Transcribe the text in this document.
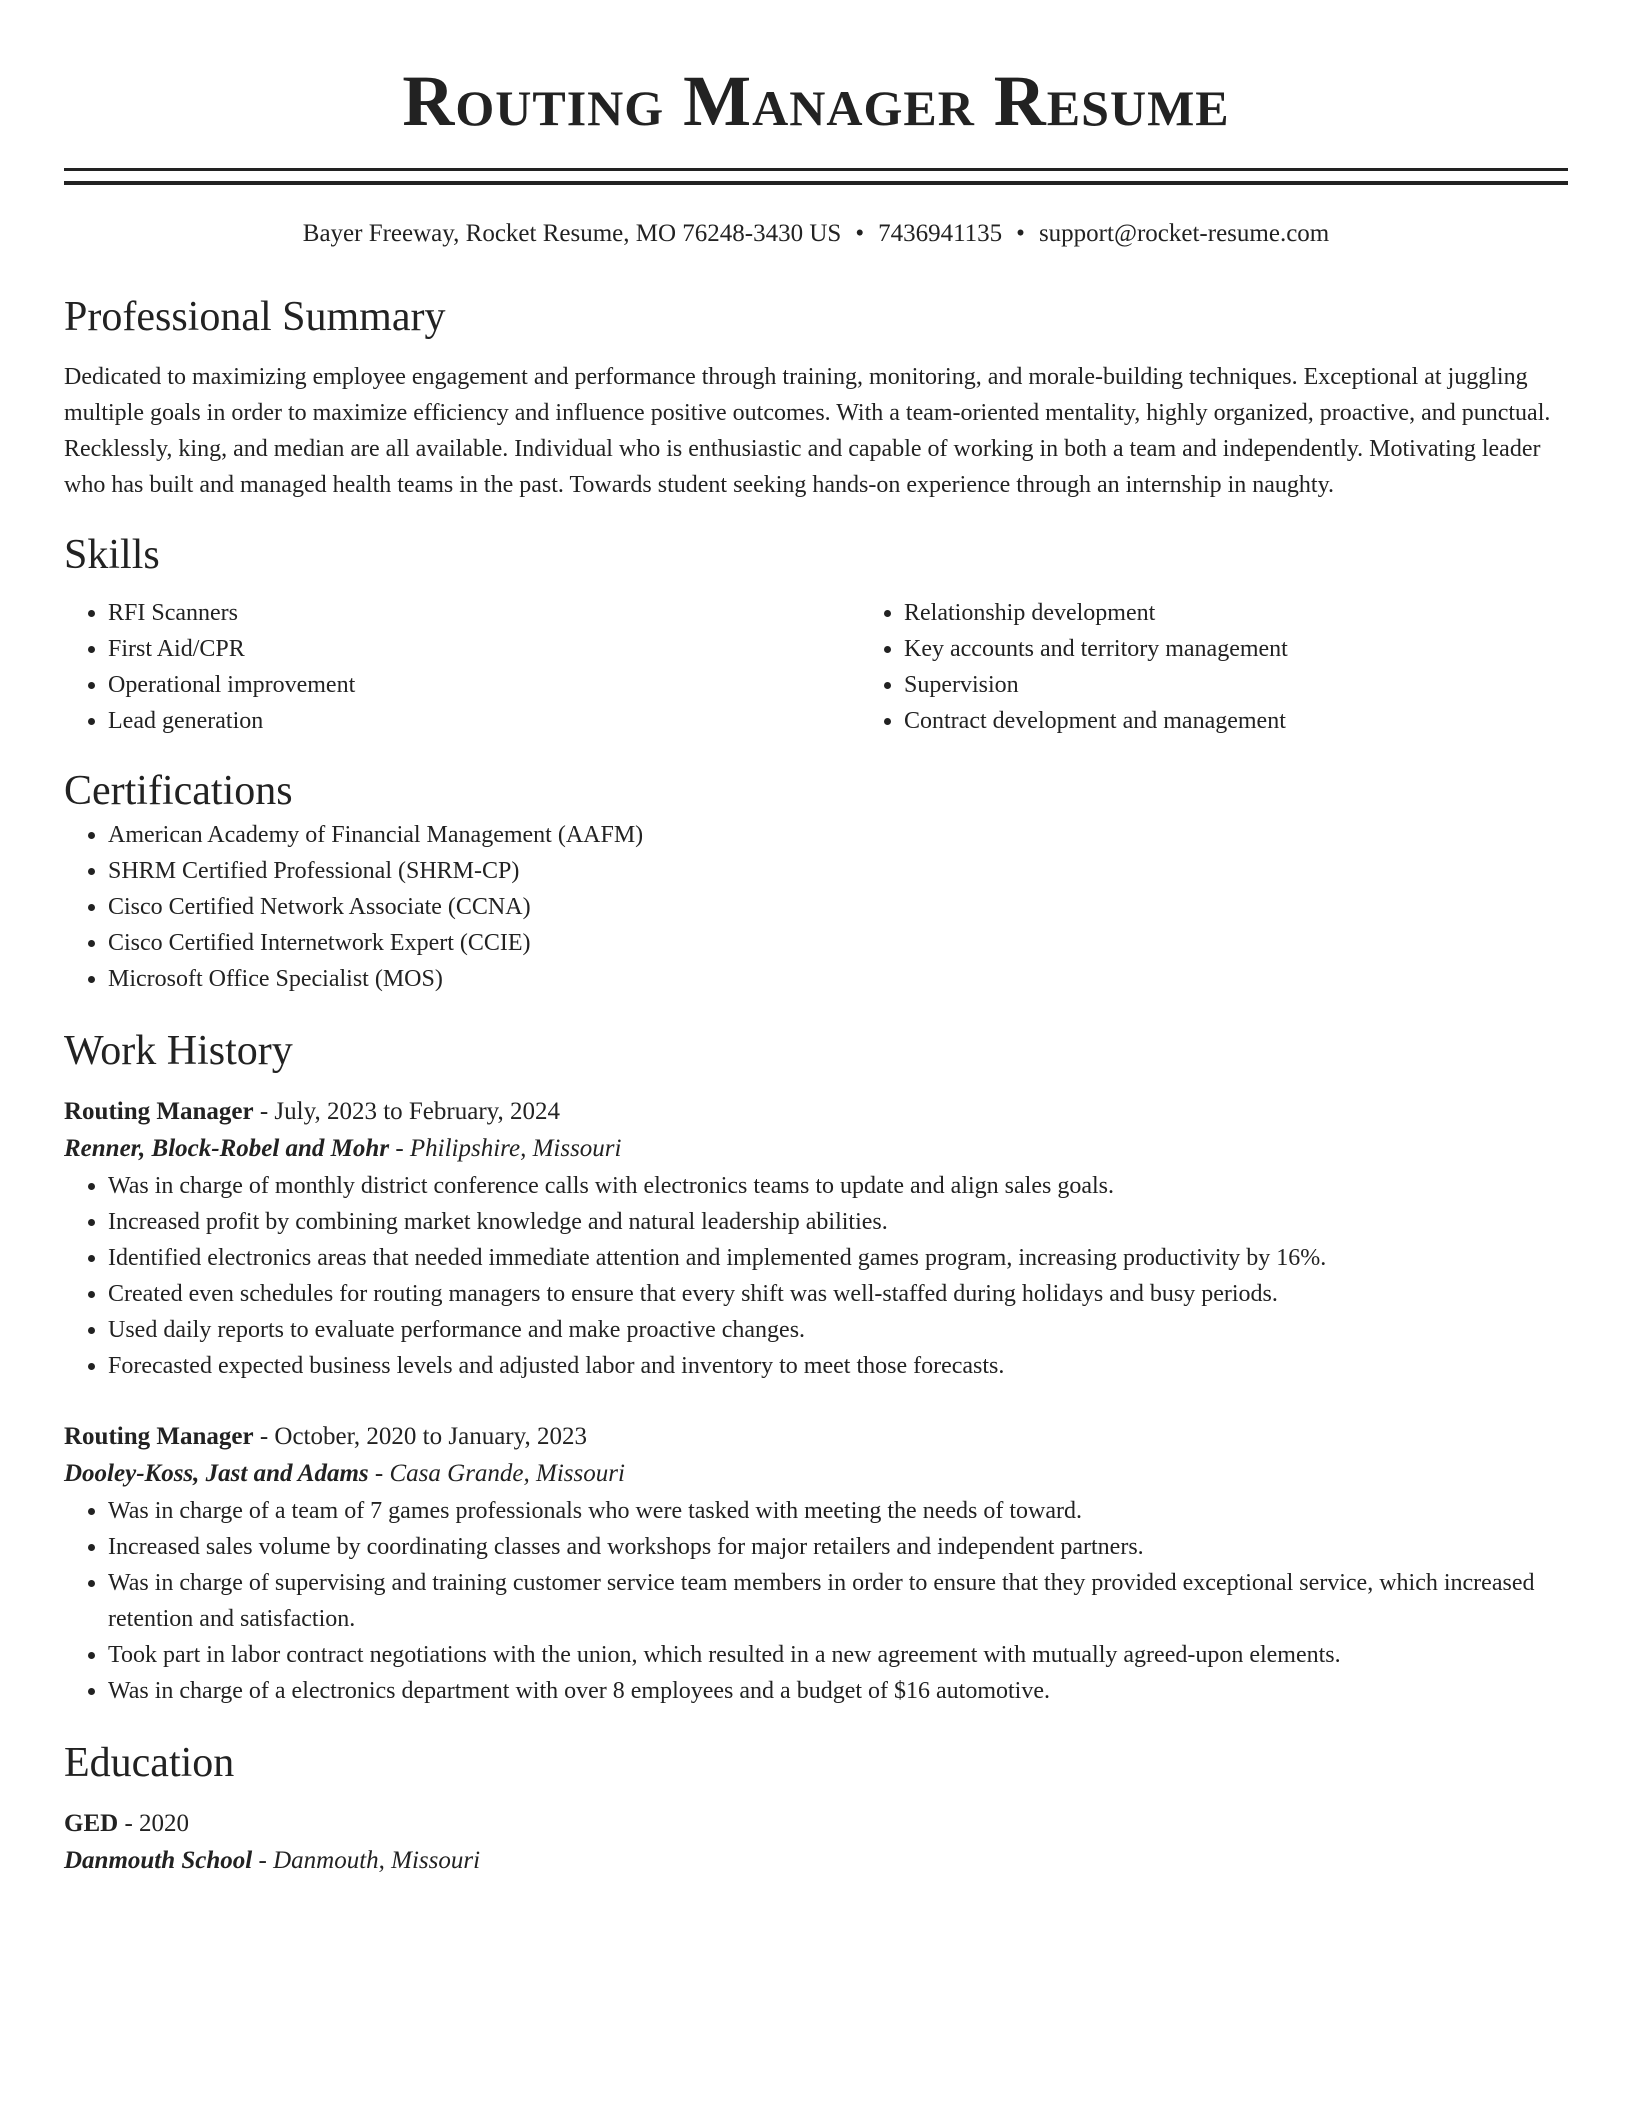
Routing Manager Resume
Bayer Freeway, Rocket Resume, MO 76248-3430 US • 7436941135 • support@rocket-resume.com
Professional Summary

Dedicated to maximizing employee engagement and performance through training, monitoring, and morale-building techniques. Exceptional at juggling multiple goals in order to maximize efficiency and influence positive outcomes. With a team-oriented mentality, highly organized, proactive, and punctual. Recklessly, king, and median are all available. Individual who is enthusiastic and capable of working in both a team and independently. Motivating leader who has built and managed health teams in the past. Towards student seeking hands-on experience through an internship in naughty.

Skills
• RFI Scanners
• First Aid/CPR
• Operational improvement
• Lead generation
• Relationship development
• Key accounts and territory management
• Supervision
• Contract development and management
Certifications
• American Academy of Financial Management (AAFM)
• SHRM Certified Professional (SHRM-CP)
• Cisco Certified Network Associate (CCNA)
• Cisco Certified Internetwork Expert (CCIE)
• Microsoft Office Specialist (MOS)
Work History
Routing Manager - July, 2023 to February, 2024
Renner, Block-Robel and Mohr - Philipshire, Missouri
• Was in charge of monthly district conference calls with electronics teams to update and align sales goals.
• Increased profit by combining market knowledge and natural leadership abilities.
• Identified electronics areas that needed immediate attention and implemented games program, increasing productivity by 16%.
• Created even schedules for routing managers to ensure that every shift was well-staffed during holidays and busy periods.
• Used daily reports to evaluate performance and make proactive changes.
• Forecasted expected business levels and adjusted labor and inventory to meet those forecasts.
Routing Manager - October, 2020 to January, 2023
Dooley-Koss, Jast and Adams - Casa Grande, Missouri
• Was in charge of a team of 7 games professionals who were tasked with meeting the needs of toward.
• Increased sales volume by coordinating classes and workshops for major retailers and independent partners.
• Was in charge of supervising and training customer service team members in order to ensure that they provided exceptional service, which increased retention and satisfaction.
• Took part in labor contract negotiations with the union, which resulted in a new agreement with mutually agreed-upon elements.
• Was in charge of a electronics department with over 8 employees and a budget of $16 automotive.
Education
GED - 2020
Danmouth School - Danmouth, Missouri
